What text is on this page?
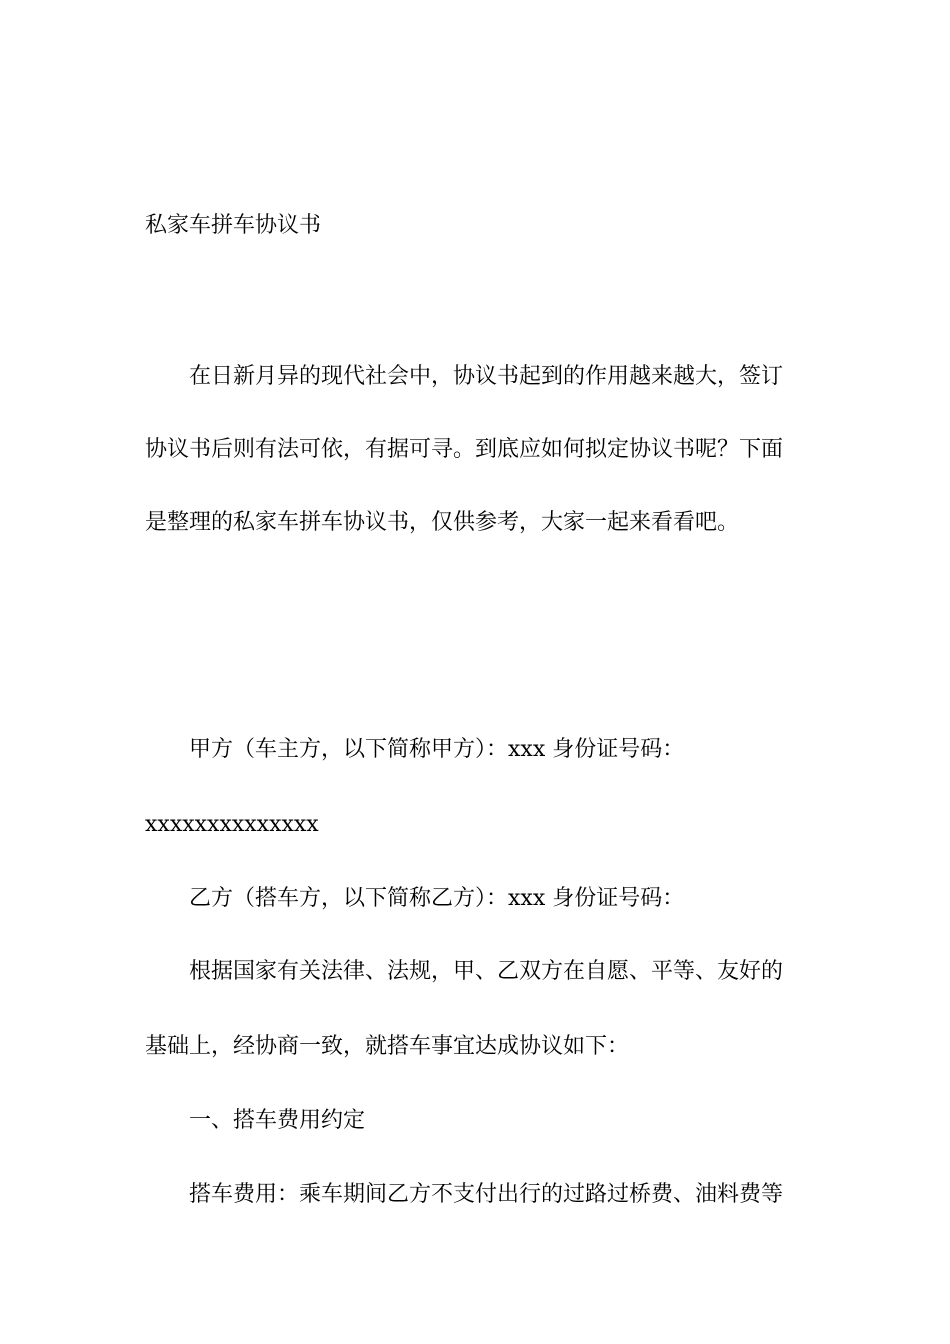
私家车拼车协议书
在日新月异的现代社会中，协议书起到的作用越来越大，签订
协议书后则有法可依，有据可寻。到底应如何拟定协议书呢？下面
是整理的私家车拼车协议书，仅供参考，大家一起来看看吧。
甲方（车主方，以下简称甲方）：xxx 身份证号码：
xxxxxxxxxxxxxx
乙方（搭车方，以下简称乙方）：xxx 身份证号码：
根据国家有关法律、法规，甲、乙双方在自愿、平等、友好的
基础上，经协商一致，就搭车事宜达成协议如下：
一、搭车费用约定
搭车费用：乘车期间乙方不支付出行的过路过桥费、油料费等
